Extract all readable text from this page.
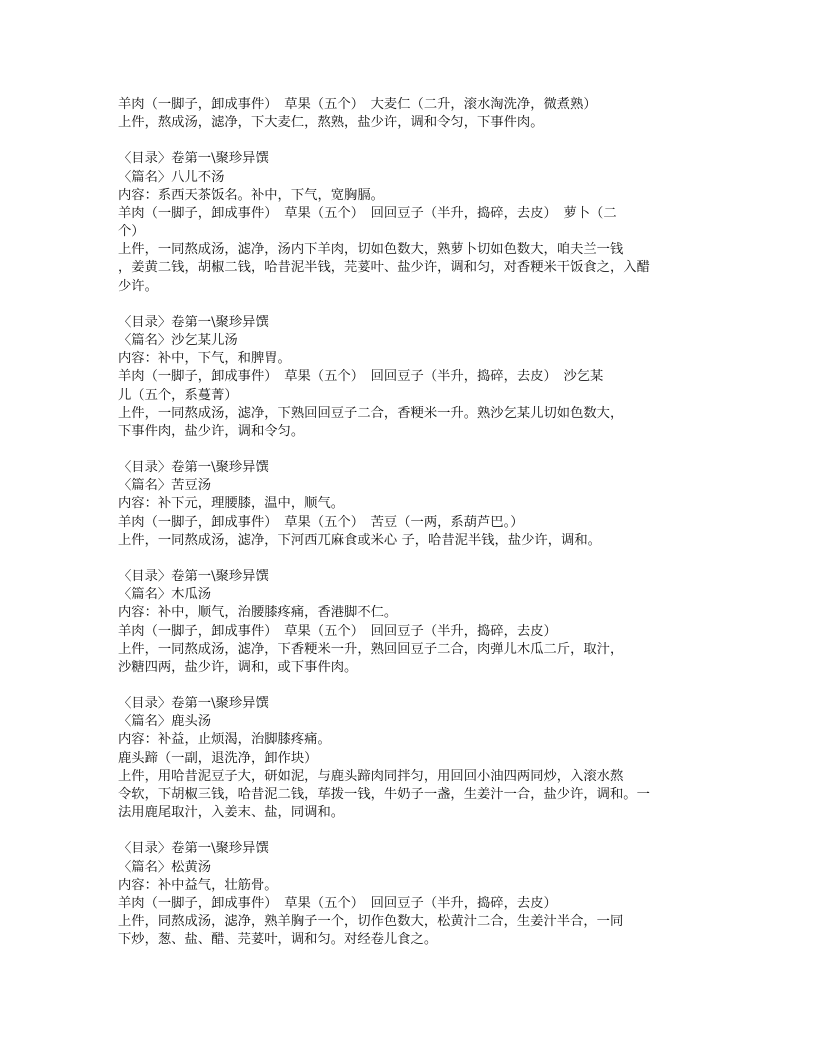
羊肉（一脚子，卸成事件）　草果（五个）　大麦仁（二升，滚水淘洗净，微煮熟）
上件，熬成汤，滤净，下大麦仁，熬熟，盐少许，调和令匀，下事件肉。
〈目录〉卷第一\聚珍异馔
〈篇名〉八儿不汤
内容：系西天茶饭名。补中，下气，宽胸膈。
羊肉（一脚子，卸成事件）　草果（五个）　回回豆子（半升，捣碎，去皮）　萝卜（二
个）
上件，一同熬成汤，滤净，汤内下羊肉，切如色数大，熟萝卜切如色数大，咱夫兰一钱
，姜黄二钱，胡椒二钱，哈昔泥半钱，芫荽叶、盐少许，调和匀，对香粳米干饭食之，入醋
少许。
〈目录〉卷第一\聚珍异馔
〈篇名〉沙乞某儿汤
内容：补中，下气，和脾胃。
羊肉（一脚子，卸成事件）　草果（五个）　回回豆子（半升，捣碎，去皮）　沙乞某
儿（五个，系蔓菁）
上件，一同熬成汤，滤净，下熟回回豆子二合，香粳米一升。熟沙乞某儿切如色数大，
下事件肉，盐少许，调和令匀。
〈目录〉卷第一\聚珍异馔
〈篇名〉苦豆汤
内容：补下元，理腰膝，温中，顺气。
羊肉（一脚子，卸成事件）　草果（五个）　苦豆（一两，系葫芦巴。）
上件，一同熬成汤，滤净，下河西兀麻食或米心 子，哈昔泥半钱，盐少许，调和。
〈目录〉卷第一\聚珍异馔
〈篇名〉木瓜汤
内容：补中，顺气，治腰膝疼痛，香港脚不仁。
羊肉（一脚子，卸成事件）　草果（五个）　回回豆子（半升，捣碎，去皮）
上件，一同熬成汤，滤净，下香粳米一升，熟回回豆子二合，肉弹儿木瓜二斤，取汁，
沙糖四两，盐少许，调和，或下事件肉。
〈目录〉卷第一\聚珍异馔
〈篇名〉鹿头汤
内容：补益，止烦渴，治脚膝疼痛。
鹿头蹄（一副，退洗净，卸作块）
上件，用哈昔泥豆子大，研如泥，与鹿头蹄肉同拌匀，用回回小油四两同炒，入滚水熬
令软，下胡椒三钱，哈昔泥二钱，荜拨一钱，牛奶子一盏，生姜汁一合，盐少许，调和。一
法用鹿尾取汁，入姜末、盐，同调和。
〈目录〉卷第一\聚珍异馔
〈篇名〉松黄汤
内容：补中益气，壮筋骨。
羊肉（一脚子，卸成事件）　草果（五个）　回回豆子（半升，捣碎，去皮）
上件，同熬成汤，滤净，熟羊胸子一个，切作色数大，松黄汁二合，生姜汁半合，一同
下炒，葱、盐、醋、芫荽叶，调和匀。对经卷儿食之。
